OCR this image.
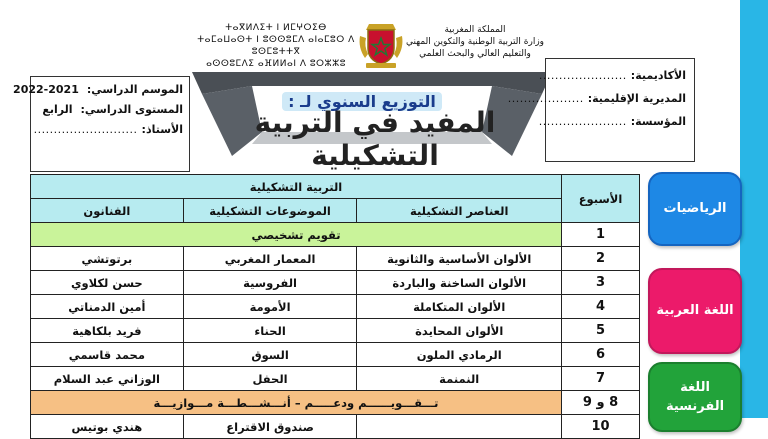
الرياضيات
اللغة العربية
اللغة الفرنسية
المملكة المغربية
وزارة التربية الوطنية والتكوين المهني
والتعليم العالي والبحث العلمي
ⵜⴰⴳⵍⴷⵉⵜ ⵏ ⵍⵎⵖⵔⵉⴱ
ⵜⴰⵎⴰⵡⴰⵙⵜ ⵏ ⵓⵙⵙⵓⵎⴷ ⴰⵏⴰⵎⵓⵔ ⴷ ⵓⵙⵎⵓⵜⵜⴳ
ⴰⵙⵙⵓⵎⴷⵉ ⴰⴼⵍⵍⴰⵏ ⴷ ⵓⵔⵣⵣⵓ
التوزيع السنوي لـ :
المفيد في التربية التشكيلية
الأكاديمية:
......................
المديرية الإقليمية:
...................
المؤسسة:
......................
الموسم الدراسي:
2022-2021
المستوى الدراسي:
الرابع
الأستاذ:
..........................
الأسبوع	التربية التشكيلية		
	العناصر التشكيلية	الموضوعات التشكيلية	الفنانون
1	تقويم تشخيصي		
2	الألوان الأساسية والثانوية	المعمار المغربي	برتوتشي
3	الألوان الساخنة والباردة	الفروسية	حسن لكلاوي
4	الألوان المتكاملة	الأمومة	أمين الدمناتي
5	الألوان المحايدة	الحناء	فريد بلكاهية
6	الرمادي الملون	السوق	محمد قاسمي
7	النمنمة	الحفل	الوزاني عبد السلام
8 و 9	تـــقـــويــــــم ودعـــــم – أنـــشـــطـــة مـــوازيـــة		
10		صندوق الاقتراع	هندي بوتيس
